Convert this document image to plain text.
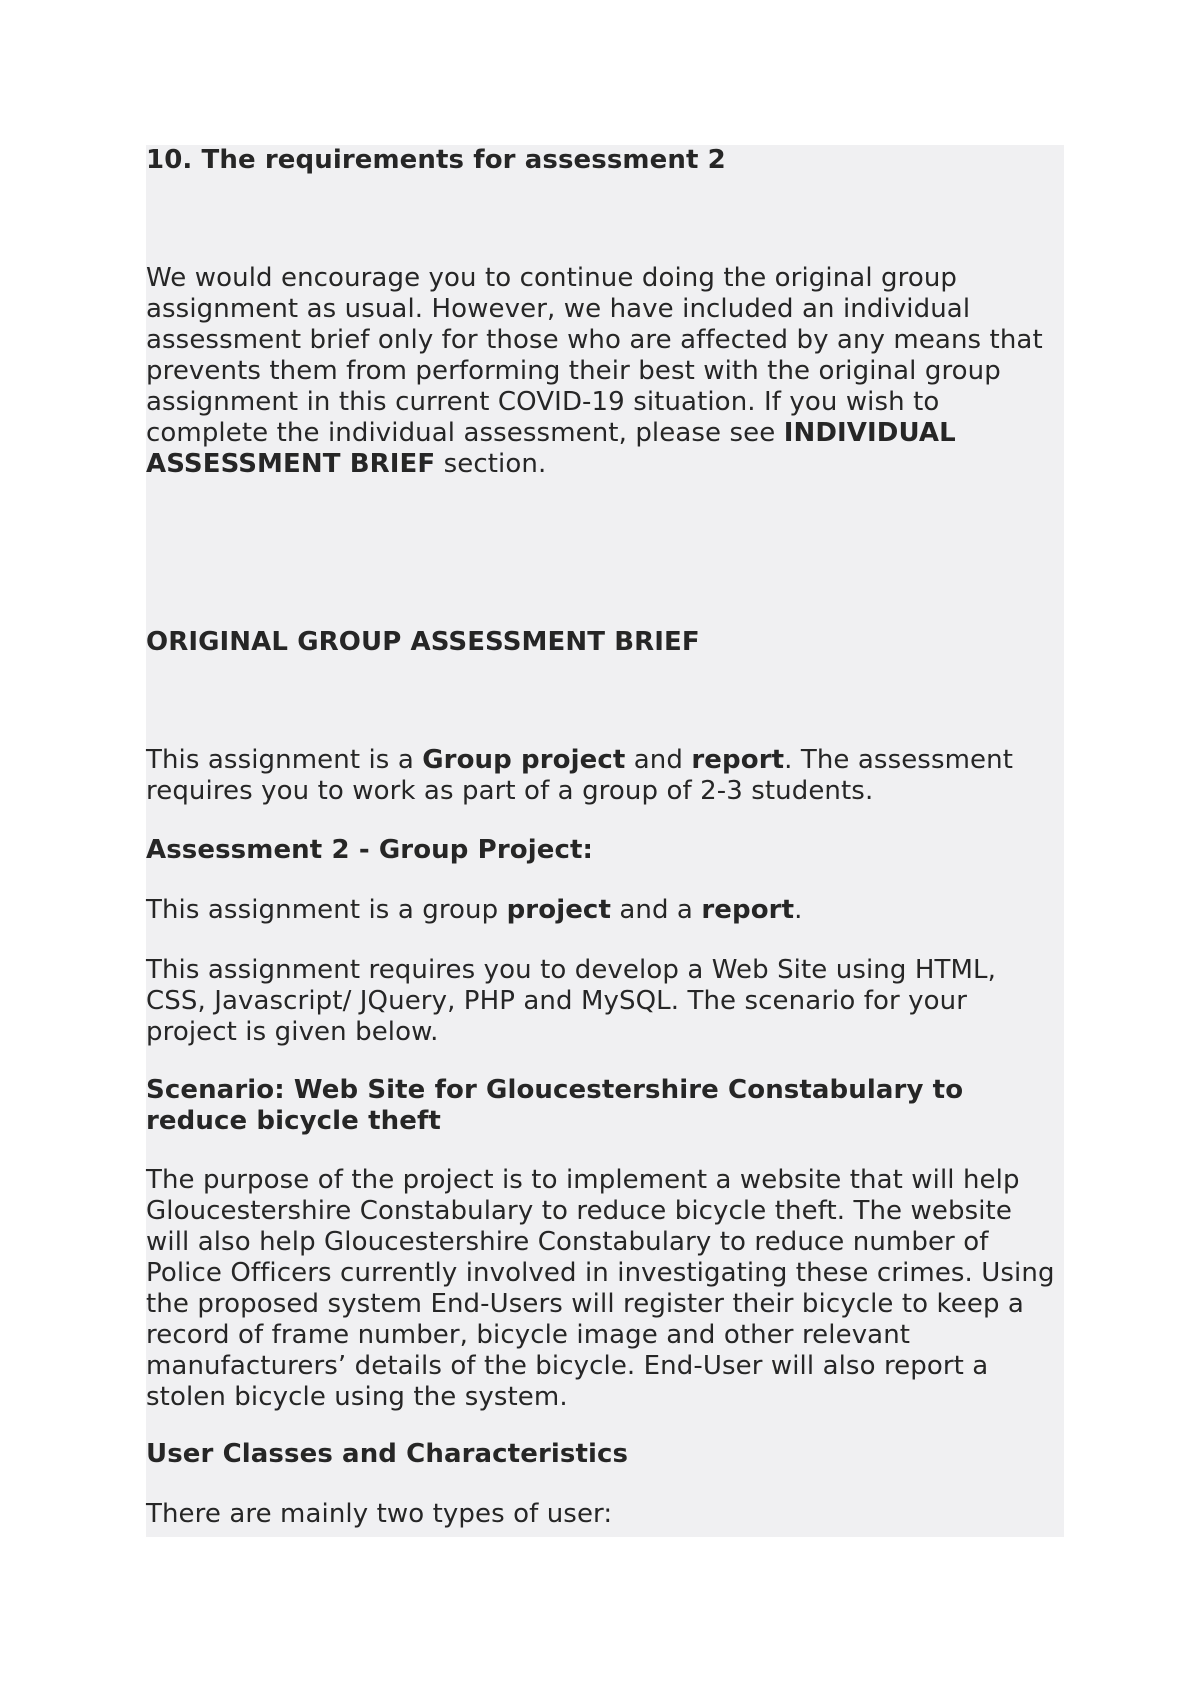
10. The requirements for assessment 2

We would encourage you to continue doing the original group assignment as usual. However, we have included an individual assessment brief only for those who are affected by any means that prevents them from performing their best with the original group assignment in this current COVID-19 situation. If you wish to complete the individual assessment, please see INDIVIDUAL ASSESSMENT BRIEF section.

ORIGINAL GROUP ASSESSMENT BRIEF

This assignment is a Group project and report. The assessment requires you to work as part of a group of 2-3 students.

Assessment 2 - Group Project:

This assignment is a group project and a report.

This assignment requires you to develop a Web Site using HTML, CSS, Javascript/ JQuery, PHP and MySQL. The scenario for your project is given below.

Scenario: Web Site for Gloucestershire Constabulary to reduce bicycle theft

The purpose of the project is to implement a website that will help Gloucestershire Constabulary to reduce bicycle theft. The website will also help Gloucestershire Constabulary to reduce number of Police Officers currently involved in investigating these crimes. Using the proposed system End-Users will register their bicycle to keep a record of frame number, bicycle image and other relevant manufacturers’ details of the bicycle. End-User will also report a stolen bicycle using the system.

User Classes and Characteristics

There are mainly two types of user:
